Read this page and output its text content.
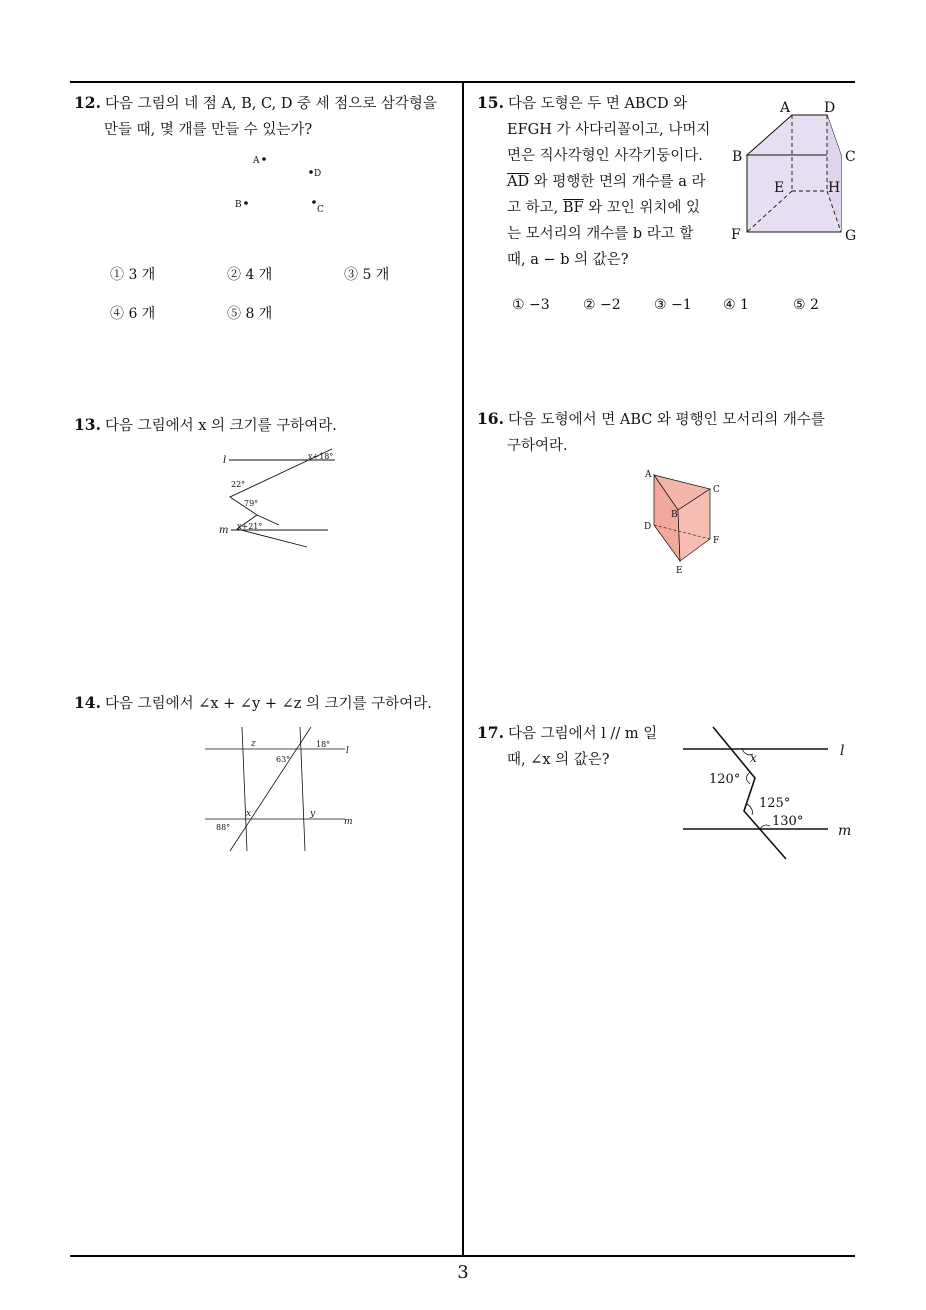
12. 다음 그림의 네 점 A, B, C, D 중 세 점으로 삼각형을
만들 때, 몇 개를 만들 수 있는가?
A
D
B	C
① 3 개	② 4 개	③ 5 개
④ 6 개	⑤ 8 개
13. 다음 그림에서 x 의 크기를 구하여라.
l
m
x+18°
22°
79°
x+21°
14. 다음 그림에서 ∠x + ∠y + ∠z 의 크기를 구하여라.
z	18°
l
63°
x	y
88°
m
15. 다음 도형은 두 면 ABCD 와
EFGH 가 사다리꼴이고, 나머지
면은 직사각형인 사각기둥이다.
$\overline{AD}$ 와 평행한 면의 개수를 a 라
고 하고, $\overline{BF}$ 와 꼬인 위치에 있
는 모서리의 개수를 b 라고 할
때, a − b 의 값은?
A D
B	C
E	H
F	G
① −3 ② −2 ③ −1 ④ 1	⑤ 2
16. 다음 도형에서 면 ABC 와 평행인 모서리의 개수를
구하여라.
A
B
C
D
E
F
17. 다음 그림에서 l // m 일
때, ∠x 의 값은?	x
120°
125°
130°
l
m
3
